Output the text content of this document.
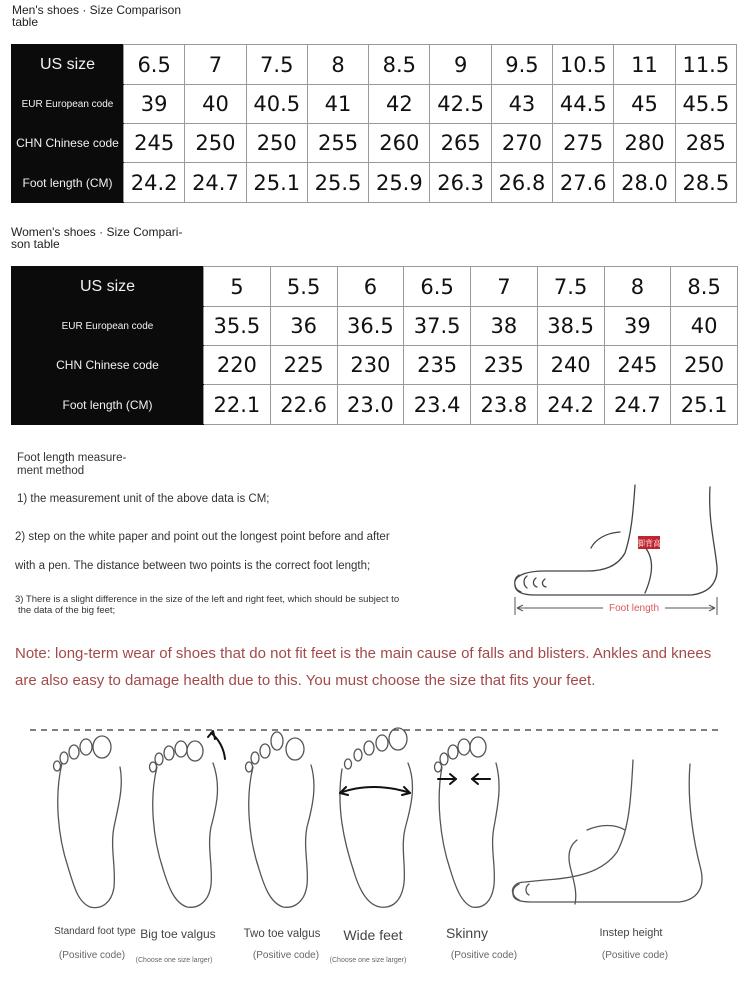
Men's shoes · Size Comparison
table
US size	6.5	7	7.5	8	8.5	9	9.5	10.5	11	11.5
EUR European code	39	40	40.5	41	42	42.5	43	44.5	45	45.5
CHN Chinese code	245	250	250	255	260	265	270	275	280	285
Foot length (CM)	24.2	24.7	25.1	25.5	25.9	26.3	26.8	27.6	28.0	28.5
Women's shoes · Size Compari-
son table
US size	5	5.5	6	6.5	7	7.5	8	8.5
EUR European code	35.5	36	36.5	37.5	38	38.5	39	40
CHN Chinese code	220	225	230	235	235	240	245	250
Foot length (CM)	22.1	22.6	23.0	23.4	23.8	24.2	24.7	25.1
Foot length measure-
ment method
1) the measurement unit of the above data is CM;
2) step on the white paper and point out the longest point before and after
with a pen. The distance between two points is the correct foot length;
3) There is a slight difference in the size of the left and right feet, which should be subject to
the data of the big feet;
脚背高
Foot length
Note: long-term wear of shoes that do not fit feet is the main cause of falls and blisters. Ankles and knees
are also easy to damage health due to this. You must choose the size that fits your feet.
Standard foot type Big toe valgus	Two toe valgus	Wide feet	Skinny	Instep height
(Positive code)	(Choose one size larger)	(Positive code)	(Choose one size larger)	(Positive code)	(Positive code)
